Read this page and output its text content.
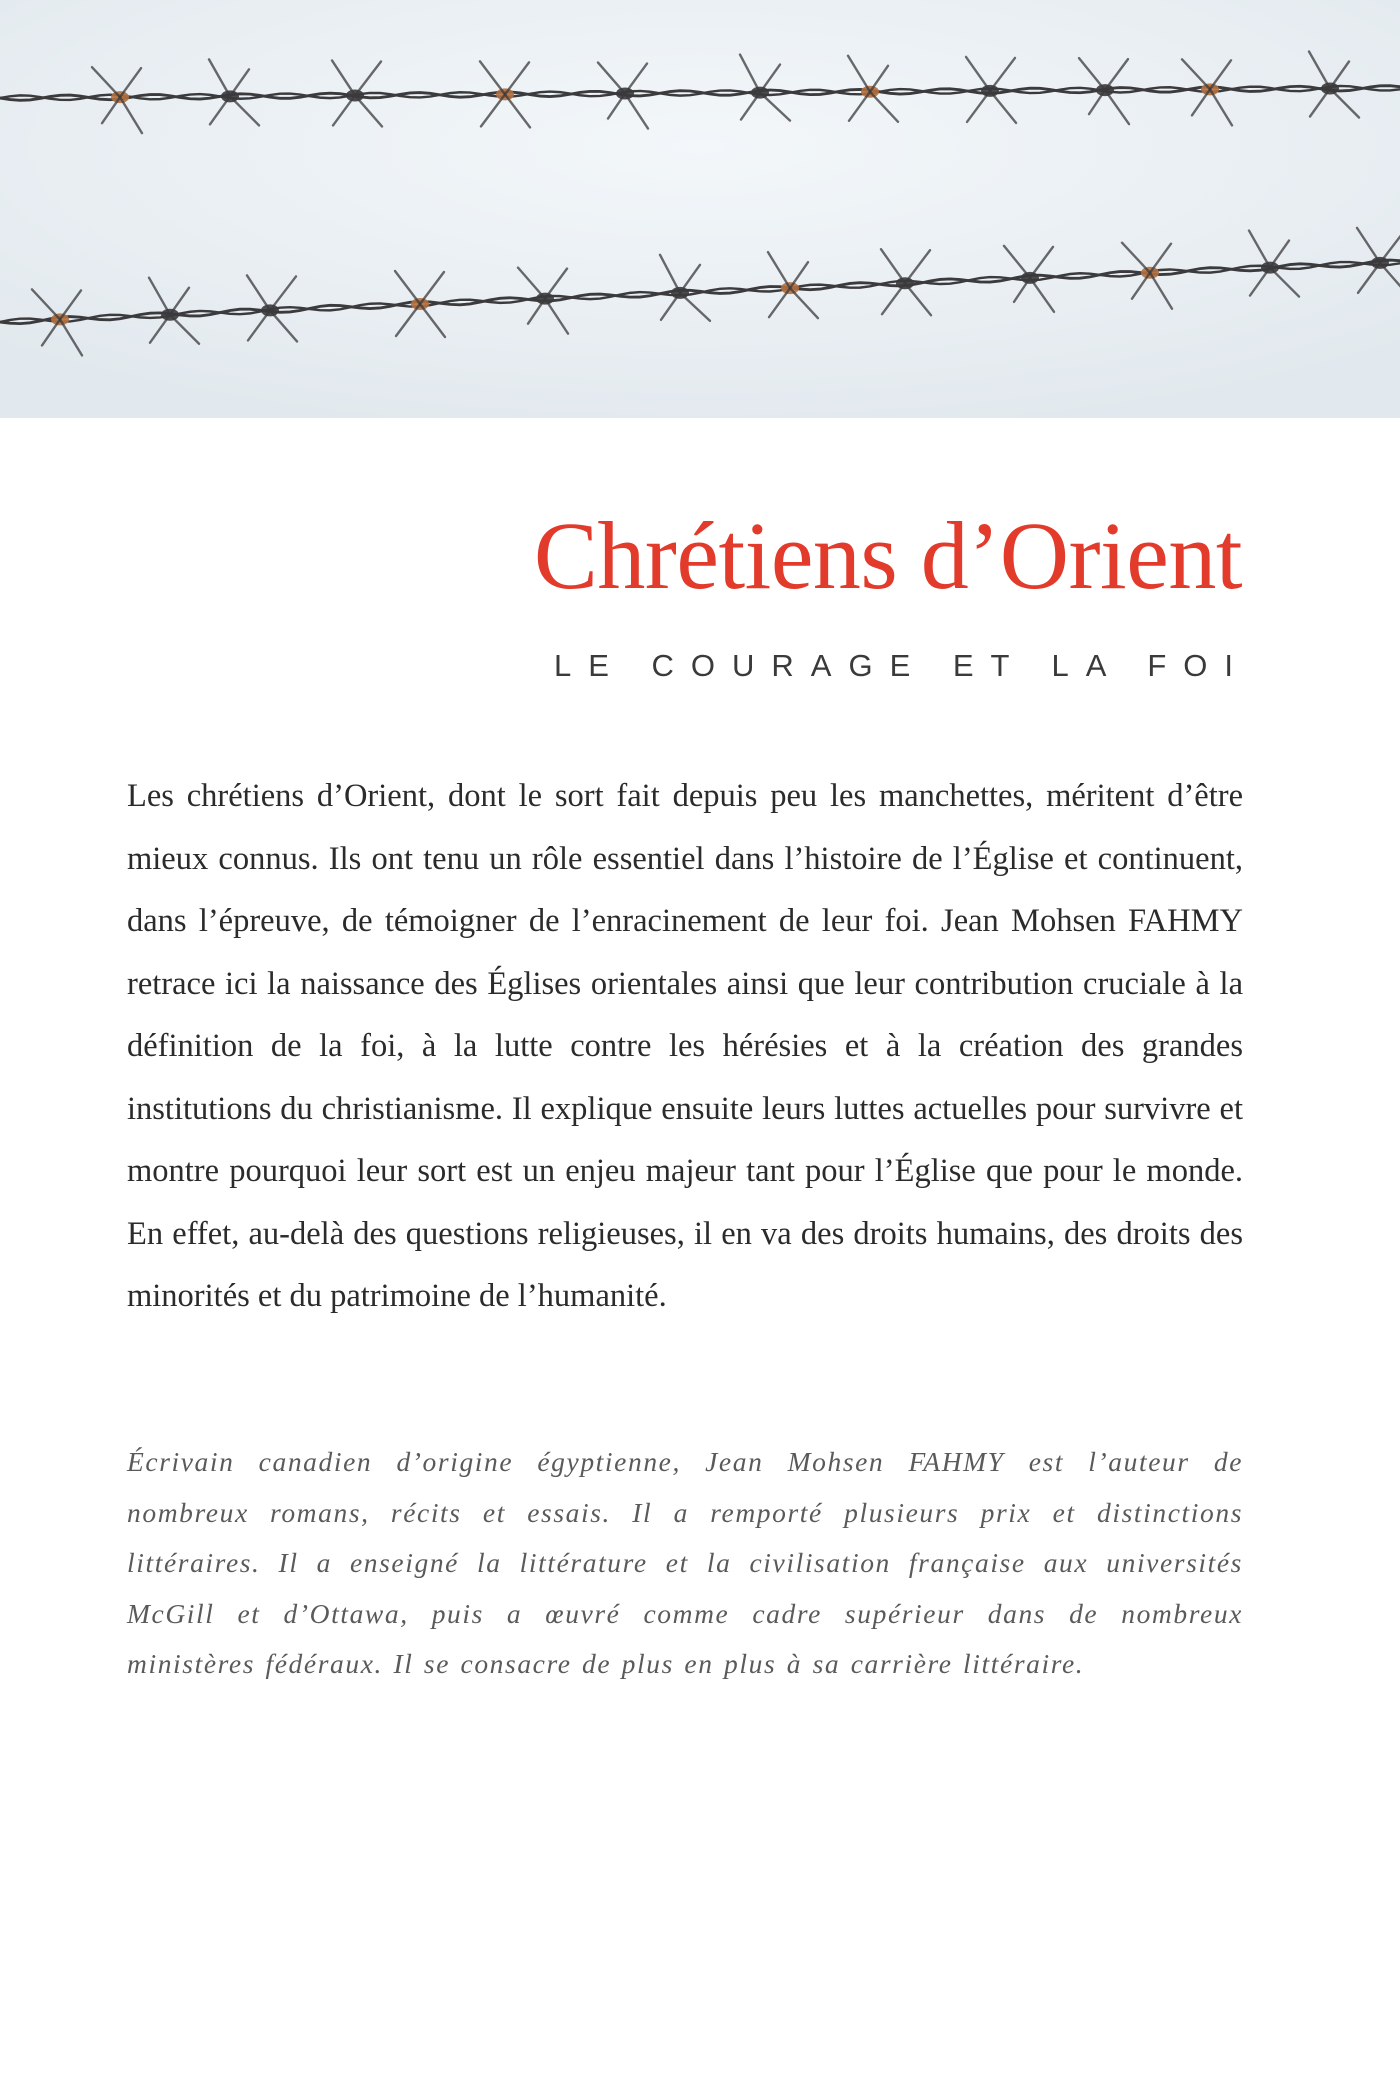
Chrétiens d’Orient
LE COURAGE ET LA FOI

Les chrétiens d’Orient, dont le sort fait depuis peu les manchettes, méritent d’être mieux connus. Ils ont tenu un rôle essentiel dans l’histoire de l’Église et continuent, dans l’épreuve, de témoigner de l’enracinement de leur foi. Jean Mohsen FAHMY retrace ici la naissance des Églises orientales ainsi que leur contribution cruciale à la définition de la foi, à la lutte contre les hérésies et à la création des grandes institutions du christianisme. Il explique ensuite leurs luttes actuelles pour survivre et montre pourquoi leur sort est un enjeu majeur tant pour l’Église que pour le monde. En effet, au-delà des questions religieuses, il en va des droits humains, des droits des minorités et du patrimoine de l’humanité.

Écrivain canadien d’origine égyptienne, Jean Mohsen FAHMY est l’auteur de nombreux romans, récits et essais. Il a remporté plusieurs prix et distinctions littéraires. Il a enseigné la littérature et la civilisation française aux universités McGill et d’Ottawa, puis a œuvré comme cadre supérieur dans de nombreux ministères fédéraux. Il se consacre de plus en plus à sa carrière littéraire.
